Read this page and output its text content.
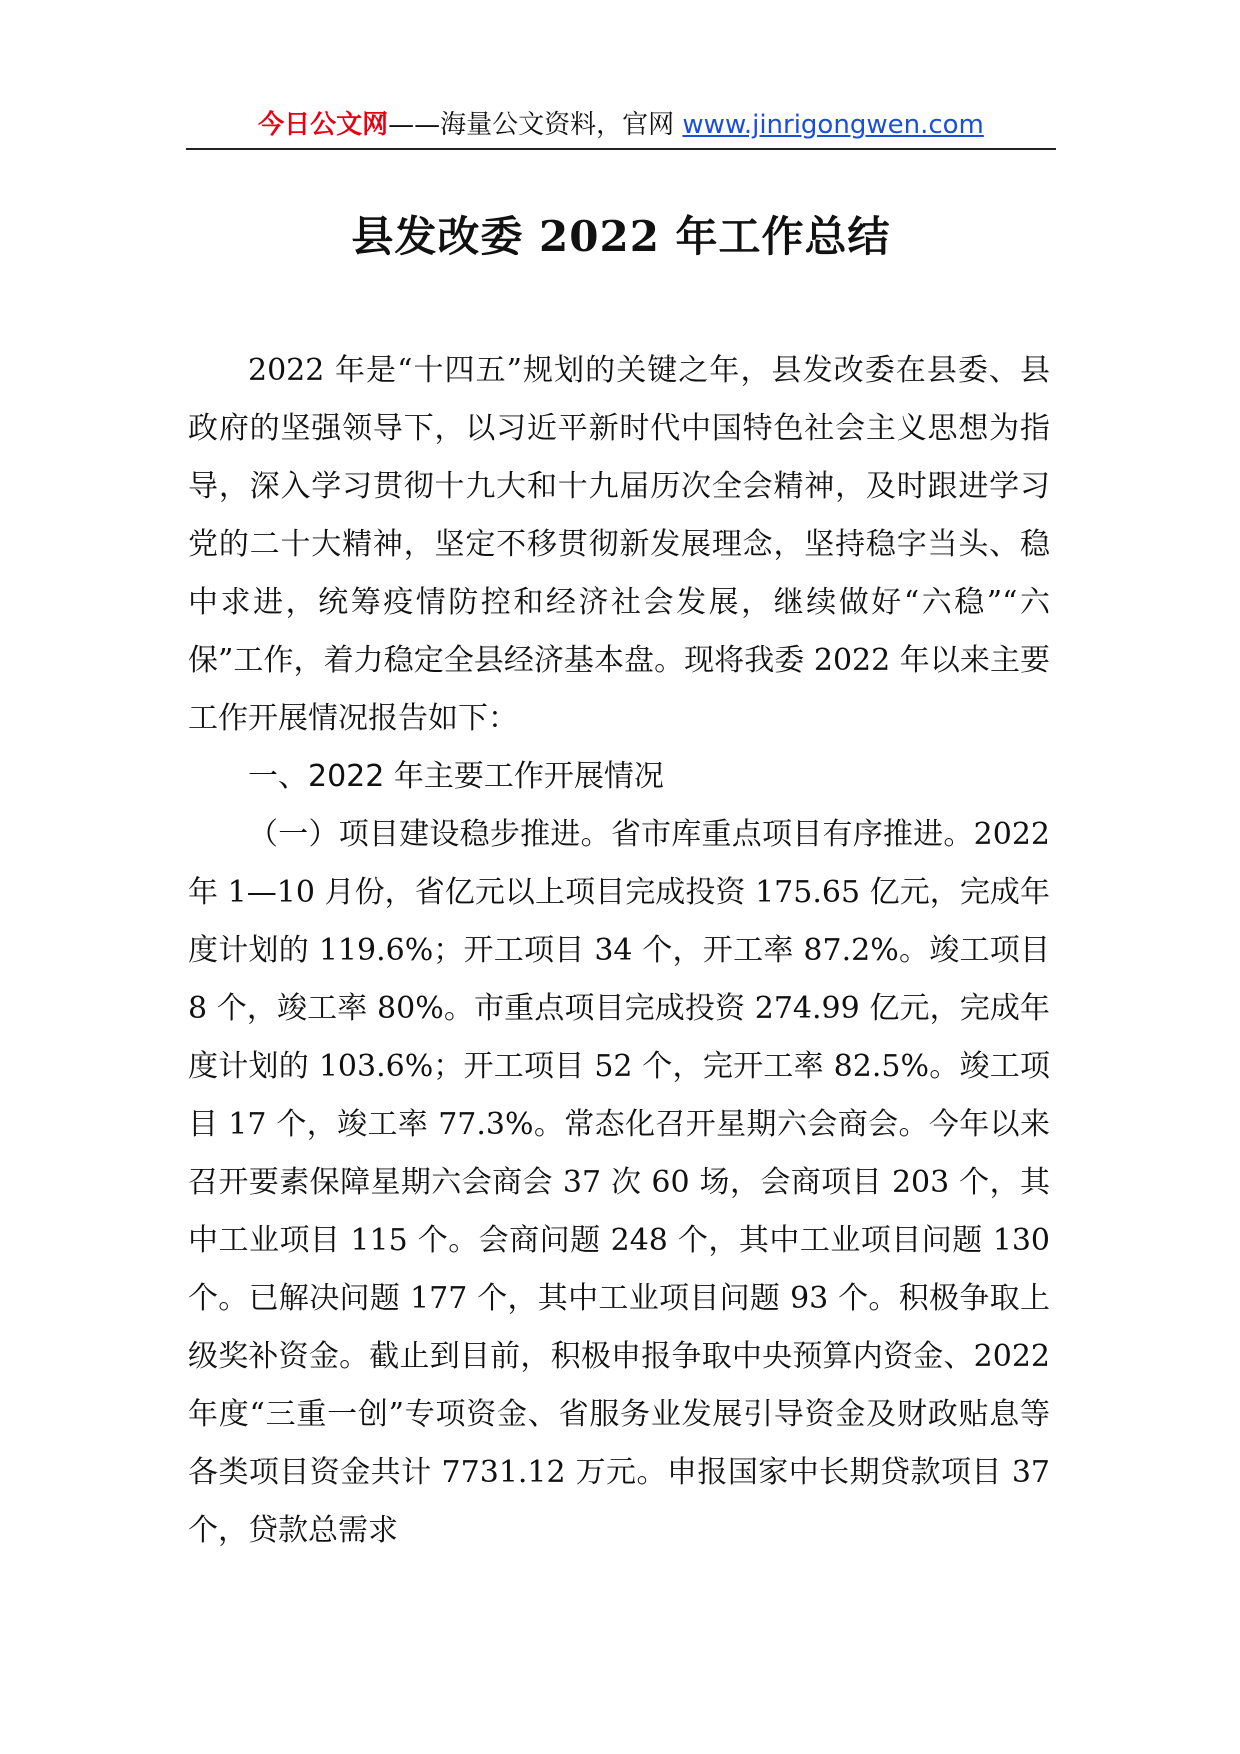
今日公文网——海量公文资料，官网 www.jinrigongwen.com
县发改委 2022 年工作总结

2022 年是“十四五”规划的关键之年，县发改委在县委、县政府的坚强领导下，以习近平新时代中国特色社会主义思想为指导，深入学习贯彻十九大和十九届历次全会精神，及时跟进学习党的二十大精神，坚定不移贯彻新发展理念，坚持稳字当头、稳中求进，统筹疫情防控和经济社会发展，继续做好“六稳”“六保”工作，着力稳定全县经济基本盘。现将我委 2022 年以来主要工作开展情况报告如下：

一、2022 年主要工作开展情况

（一）项目建设稳步推进。省市库重点项目有序推进。2022 年 1—10 月份，省亿元以上项目完成投资 175.65 亿元，完成年度计划的 119.6%；开工项目 34 个，开工率 87.2%。竣工项目 8 个，竣工率 80%。市重点项目完成投资 274.99 亿元，完成年度计划的 103.6%；开工项目 52 个，完开工率 82.5%。竣工项目 17 个，竣工率 77.3%。常态化召开星期六会商会。今年以来召开要素保障星期六会商会 37 次 60 场，会商项目 203 个，其中工业项目 115 个。会商问题 248 个，其中工业项目问题 130 个。已解决问题 177 个，其中工业项目问题 93 个。积极争取上级奖补资金。截止到目前，积极申报争取中央预算内资金、2022 年度“三重一创”专项资金、省服务业发展引导资金及财政贴息等各类项目资金共计 7731.12 万元。申报国家中长期贷款项目 37 个，贷款总需求
